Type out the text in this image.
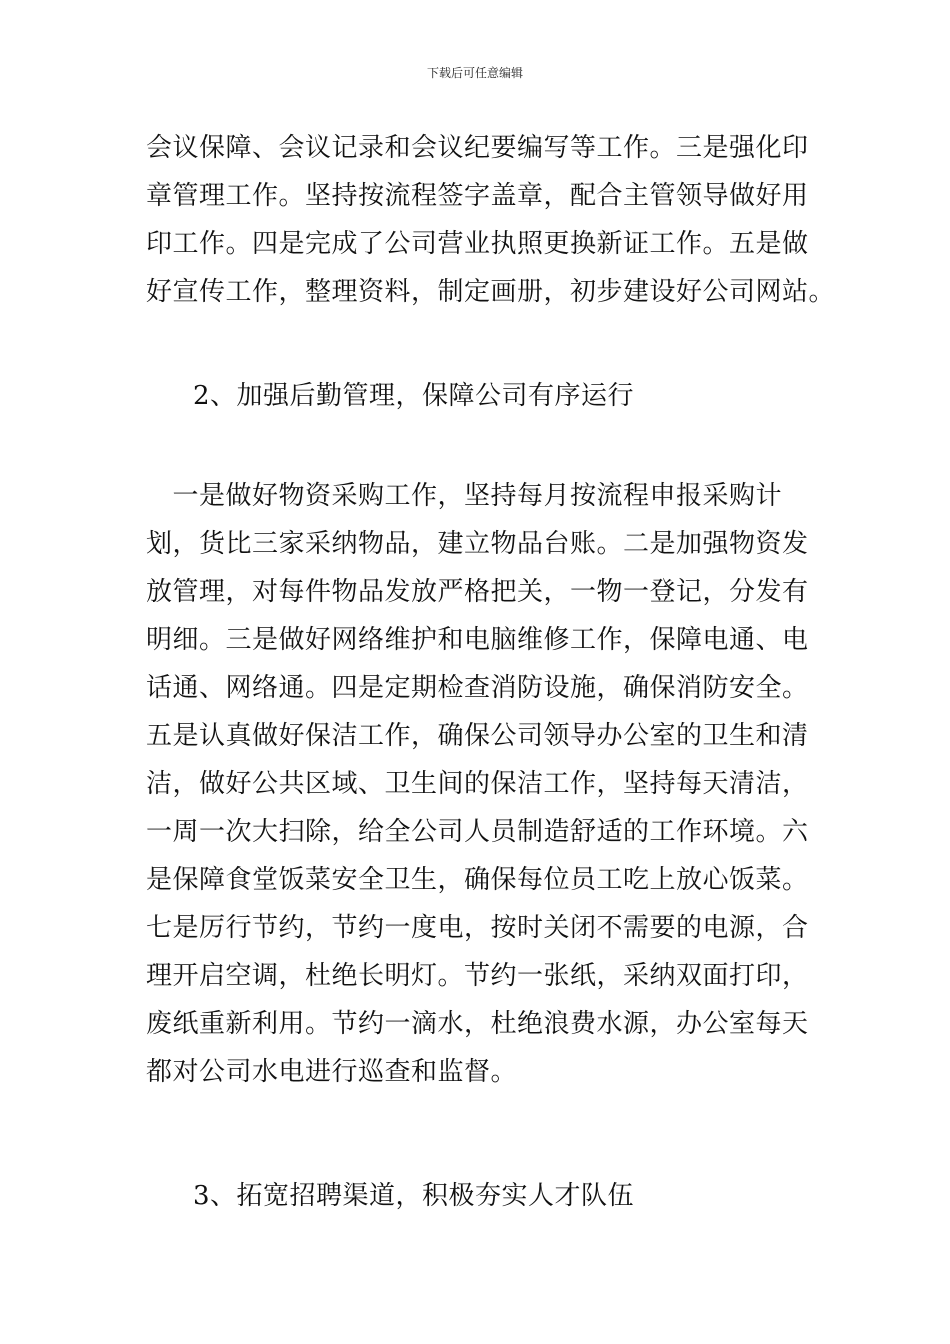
下载后可任意编辑
会议保障、会议记录和会议纪要编写等工作。三是强化印
章管理工作。坚持按流程签字盖章，配合主管领导做好用
印工作。四是完成了公司营业执照更换新证工作。五是做
好宣传工作，整理资料，制定画册，初步建设好公司网站。
2、加强后勤管理，保障公司有序运行
　一是做好物资采购工作，坚持每月按流程申报采购计
划，货比三家采纳物品，建立物品台账。二是加强物资发
放管理，对每件物品发放严格把关，一物一登记，分发有
明细。三是做好网络维护和电脑维修工作，保障电通、电
话通、网络通。四是定期检查消防设施，确保消防安全。
五是认真做好保洁工作，确保公司领导办公室的卫生和清
洁，做好公共区域、卫生间的保洁工作，坚持每天清洁，
一周一次大扫除，给全公司人员制造舒适的工作环境。六
是保障食堂饭菜安全卫生，确保每位员工吃上放心饭菜。
七是厉行节约，节约一度电，按时关闭不需要的电源，合
理开启空调，杜绝长明灯。节约一张纸，采纳双面打印，
废纸重新利用。节约一滴水，杜绝浪费水源，办公室每天
都对公司水电进行巡查和监督。
3、拓宽招聘渠道，积极夯实人才队伍
